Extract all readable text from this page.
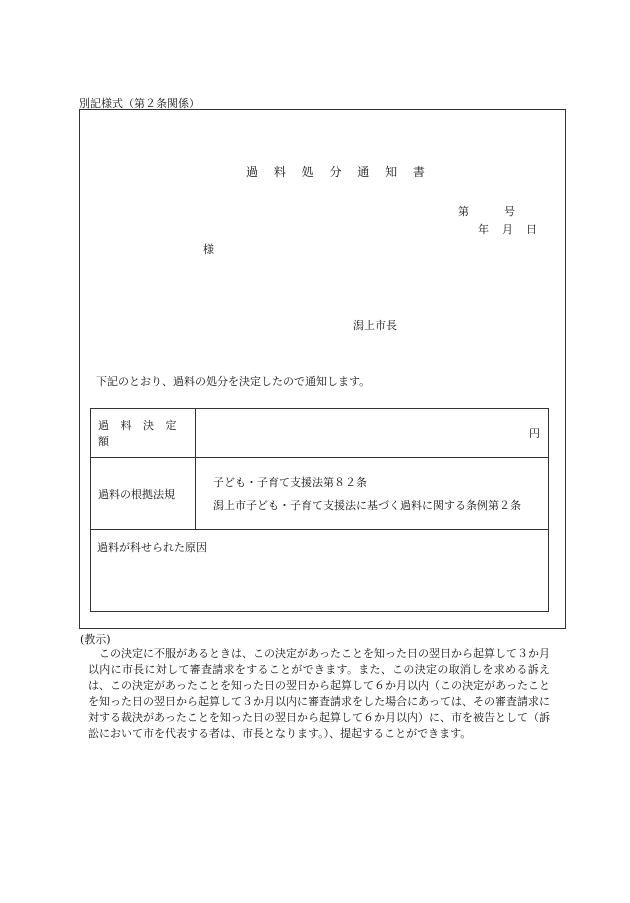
別記様式（第２条関係）
過 料 処 分 通 知 書
第	号
年 月 日
様
潟上市長
下記のとおり、過料の処分を決定したので通知します。
過 料 決 定 額	円
過料の根拠法規	子ども・子育て支援法第８２条
潟上市子ども・子育て支援法に基づく過料に関する条例第２条

過料が科せられた原因	
(教示)
この決定に不服があるときは、この決定があったことを知った日の翌日から起算して３か月以内に市長に対して審査請求をすることができます。また、この決定の取消しを求める訴えは、この決定があったことを知った日の翌日から起算して６か月以内（この決定があったことを知った日の翌日から起算して３か月以内に審査請求をした場合にあっては、その審査請求に対する裁決があったことを知った日の翌日から起算して６か月以内）に、市を被告として（訴訟において市を代表する者は、市長となります。）、提起することができます。
